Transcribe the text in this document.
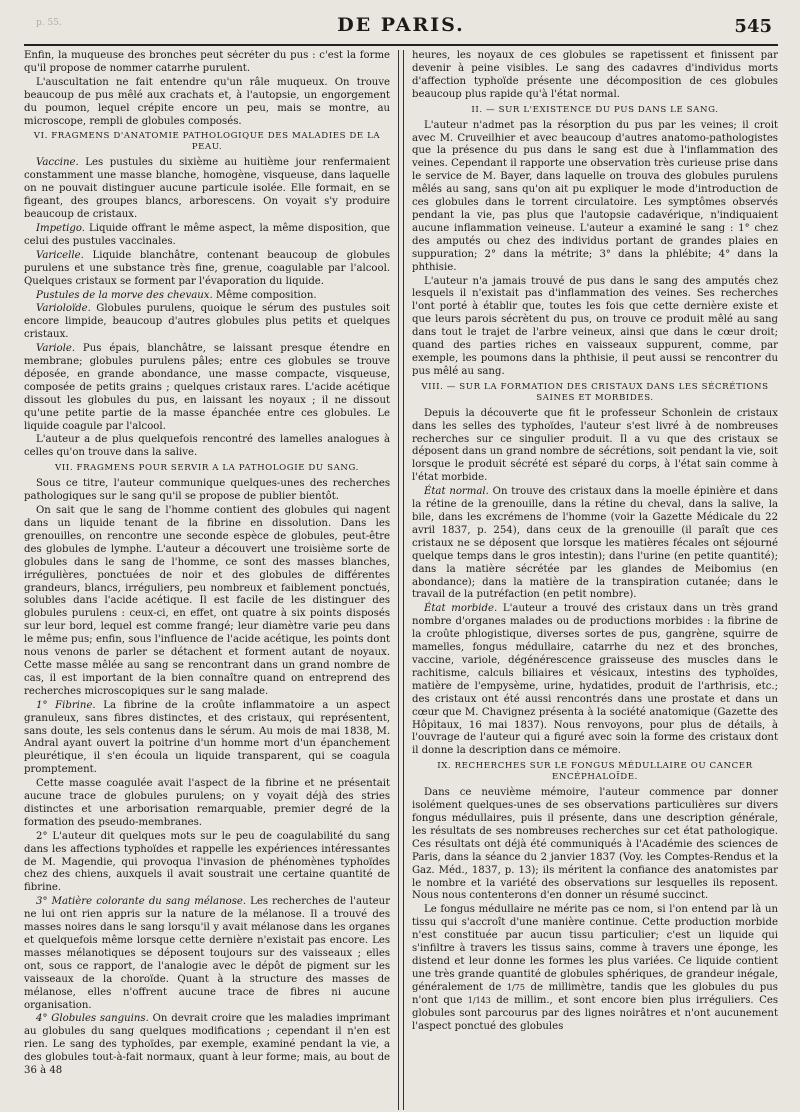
p. 55.	DE PARIS.	545

Enfin, la muqueuse des bronches peut sécréter du pus : c'est la forme qu'il propose de nommer catarrhe purulent.

L'auscultation ne fait entendre qu'un râle muqueux. On trouve beaucoup de pus mêlé aux crachats et, à l'autopsie, un engorgement du poumon, lequel crépite encore un peu, mais se montre, au microscope, rempli de globules composés.

VI. FRAGMENS D'ANATOMIE PATHOLOGIQUE DES MALADIES DE LA PEAU.

Vaccine. Les pustules du sixième au huitième jour renfermaient constamment une masse blanche, homogène, visqueuse, dans laquelle on ne pouvait distinguer aucune particule isolée. Elle formait, en se figeant, des groupes blancs, arborescens. On voyait s'y produire beaucoup de cristaux.

Impetigo. Liquide offrant le même aspect, la même disposition, que celui des pustules vaccinales.

Varicelle. Liquide blanchâtre, contenant beaucoup de globules purulens et une substance très fine, grenue, coagulable par l'alcool. Quelques cristaux se forment par l'évaporation du liquide.

Pustules de la morve des chevaux. Même composition.

Varioloïde. Globules purulens, quoique le sérum des pustules soit encore limpide, beaucoup d'autres globules plus petits et quelques cristaux.

Variole. Pus épais, blanchâtre, se laissant presque étendre en membrane; globules purulens pâles; entre ces globules se trouve déposée, en grande abondance, une masse compacte, visqueuse, composée de petits grains ; quelques cristaux rares. L'acide acétique dissout les globules du pus, en laissant les noyaux ; il ne dissout qu'une petite partie de la masse épanchée entre ces globules. Le liquide coagule par l'alcool.

L'auteur a de plus quelquefois rencontré des lamelles analogues à celles qu'on trouve dans la salive.

VII. FRAGMENS POUR SERVIR A LA PATHOLOGIE DU SANG.

Sous ce titre, l'auteur communique quelques-unes des recherches pathologiques sur le sang qu'il se propose de publier bientôt.

On sait que le sang de l'homme contient des globules qui nagent dans un liquide tenant de la fibrine en dissolution. Dans les grenouilles, on rencontre une seconde espèce de globules, peut-être des globules de lymphe. L'auteur a découvert une troisième sorte de globules dans le sang de l'homme, ce sont des masses blanches, irrégulières, ponctuées de noir et des globules de différentes grandeurs, blancs, irréguliers, peu nombreux et faiblement ponctués, solubles dans l'acide acétique. Il est facile de les distinguer des globules purulens : ceux-ci, en effet, ont quatre à six points disposés sur leur bord, lequel est comme frangé; leur diamètre varie peu dans le même pus; enfin, sous l'influence de l'acide acétique, les points dont nous venons de parler se détachent et forment autant de noyaux. Cette masse mêlée au sang se rencontrant dans un grand nombre de cas, il est important de la bien connaître quand on entreprend des recherches microscopiques sur le sang malade.

1° Fibrine. La fibrine de la croûte inflammatoire a un aspect granuleux, sans fibres distinctes, et des cristaux, qui représentent, sans doute, les sels contenus dans le sérum. Au mois de mai 1838, M. Andral ayant ouvert la poitrine d'un homme mort d'un épanchement pleurétique, il s'en écoula un liquide transparent, qui se coagula promptement.

Cette masse coagulée avait l'aspect de la fibrine et ne présentait aucune trace de globules purulens; on y voyait déjà des stries distinctes et une arborisation remarquable, premier degré de la formation des pseudo-membranes.

2° L'auteur dit quelques mots sur le peu de coagulabilité du sang dans les affections typhoïdes et rappelle les expériences intéressantes de M. Magendie, qui provoqua l'invasion de phénomènes typhoïdes chez des chiens, auxquels il avait soustrait une certaine quantité de fibrine.

3° Matière colorante du sang mélanose. Les recherches de l'auteur ne lui ont rien appris sur la nature de la mélanose. Il a trouvé des masses noires dans le sang lorsqu'il y avait mélanose dans les organes et quelquefois même lorsque cette dernière n'existait pas encore. Les masses mélanotiques se déposent toujours sur des vaisseaux ; elles ont, sous ce rapport, de l'analogie avec le dépôt de pigment sur les vaisseaux de la choroïde. Quant à la structure des masses de mélanose, elles n'offrent aucune trace de fibres ni aucune organisation.

4° Globules sanguins. On devrait croire que les maladies imprimant au globules du sang quelques modifications ; cependant il n'en est rien. Le sang des typhoïdes, par exemple, examiné pendant la vie, a des globules tout-à-fait normaux, quant à leur forme; mais, au bout de 36 à 48

heures, les noyaux de ces globules se rapetissent et finissent par devenir à peine visibles. Le sang des cadavres d'individus morts d'affection typhoïde présente une décomposition de ces globules beaucoup plus rapide qu'à l'état normal.

II. — SUR L'EXISTENCE DU PUS DANS LE SANG.

L'auteur n'admet pas la résorption du pus par les veines; il croit avec M. Cruveilhier et avec beaucoup d'autres anatomo-pathologistes que la présence du pus dans le sang est due à l'inflammation des veines. Cependant il rapporte une observation très curieuse prise dans le service de M. Bayer, dans laquelle on trouva des globules purulens mêlés au sang, sans qu'on ait pu expliquer le mode d'introduction de ces globules dans le torrent circulatoire. Les symptômes observés pendant la vie, pas plus que l'autopsie cadavérique, n'indiquaient aucune inflammation veineuse. L'auteur a examiné le sang : 1° chez des amputés ou chez des individus portant de grandes plaies en suppuration; 2° dans la métrite; 3° dans la phlébite; 4° dans la phthisie.

L'auteur n'a jamais trouvé de pus dans le sang des amputés chez lesquels il n'existait pas d'inflammation des veines. Ses recherches l'ont porté à établir que, toutes les fois que cette dernière existe et que leurs parois sécrètent du pus, on trouve ce produit mêlé au sang dans tout le trajet de l'arbre veineux, ainsi que dans le cœur droit; quand des parties riches en vaisseaux suppurent, comme, par exemple, les poumons dans la phthisie, il peut aussi se rencontrer du pus mêlé au sang.

VIII. — SUR LA FORMATION DES CRISTAUX DANS LES SÉCRÉTIONS SAINES ET MORBIDES.

Depuis la découverte que fit le professeur Schonlein de cristaux dans les selles des typhoïdes, l'auteur s'est livré à de nombreuses recherches sur ce singulier produit. Il a vu que des cristaux se déposent dans un grand nombre de sécrétions, soit pendant la vie, soit lorsque le produit sécrété est séparé du corps, à l'état sain comme à l'état morbide.

État normal. On trouve des cristaux dans la moelle épinière et dans la rétine de la grenouille, dans la rétine du cheval, dans la salive, la bile, dans les excrémens de l'homme (voir la Gazette Médicale du 22 avril 1837, p. 254), dans ceux de la grenouille (il paraît que ces cristaux ne se déposent que lorsque les matières fécales ont séjourné quelque temps dans le gros intestin); dans l'urine (en petite quantité); dans la matière sécrétée par les glandes de Meibomius (en abondance); dans la matière de la transpiration cutanée; dans le travail de la putréfaction (en petit nombre).

État morbide. L'auteur a trouvé des cristaux dans un très grand nombre d'organes malades ou de productions morbides : la fibrine de la croûte phlogistique, diverses sortes de pus, gangrène, squirre de mamelles, fongus médullaire, catarrhe du nez et des bronches, vaccine, variole, dégénérescence graisseuse des muscles dans le rachitisme, calculs biliaires et vésicaux, intestins des typhoïdes, matière de l'empysème, urine, hydatides, produit de l'arthrisis, etc.; des cristaux ont été aussi rencontrés dans une prostate et dans un cœur que M. Chavignez présenta à la société anatomique (Gazette des Hôpitaux, 16 mai 1837). Nous renvoyons, pour plus de détails, à l'ouvrage de l'auteur qui a figuré avec soin la forme des cristaux dont il donne la description dans ce mémoire.

IX. RECHERCHES SUR LE FONGUS MÉDULLAIRE OU CANCER ENCÉPHALOÏDE.

Dans ce neuvième mémoire, l'auteur commence par donner isolément quelques-unes de ses observations particulières sur divers fongus médullaires, puis il présente, dans une description générale, les résultats de ses nombreuses recherches sur cet état pathologique. Ces résultats ont déjà été communiqués à l'Académie des sciences de Paris, dans la séance du 2 janvier 1837 (Voy. les Comptes-Rendus et la Gaz. Méd., 1837, p. 13); ils méritent la confiance des anatomistes par le nombre et la variété des observations sur lesquelles ils reposent. Nous nous contenterons d'en donner un résumé succinct.

Le fongus médullaire ne mérite pas ce nom, si l'on entend par là un tissu qui s'accroît d'une manière continue. Cette production morbide n'est constituée par aucun tissu particulier; c'est un liquide qui s'infiltre à travers les tissus sains, comme à travers une éponge, les distend et leur donne les formes les plus variées. Ce liquide contient une très grande quantité de globules sphériques, de grandeur inégale, généralement de 1/75 de millimètre, tandis que les globules du pus n'ont que 1/143 de millim., et sont encore bien plus irréguliers. Ces globules sont parcourus par des lignes noirâtres et n'ont aucunement l'aspect ponctué des globules
